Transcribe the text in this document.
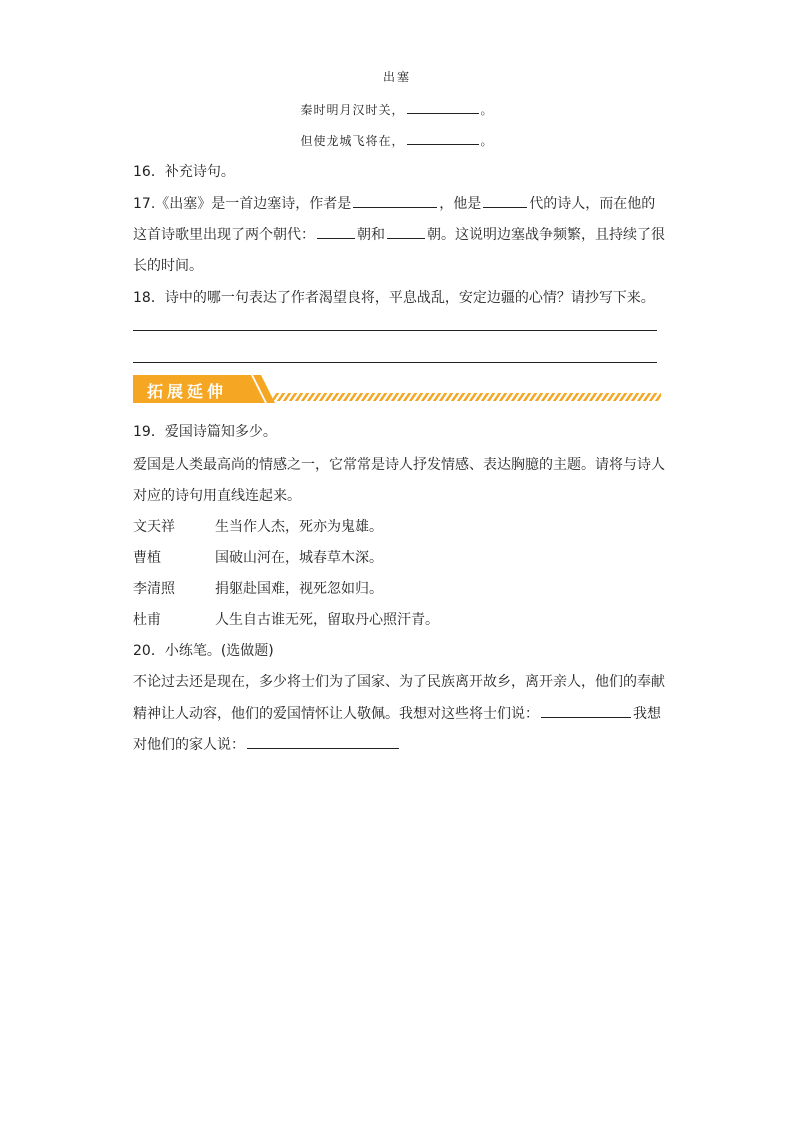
出塞
秦时明月汉时关，	。
但使龙城飞将在，	。
16．补充诗句。
17.《出塞》是一首边塞诗，作者是	，他是	代的诗人，而在他的
这首诗歌里出现了两个朝代：	朝和	朝。这说明边塞战争频繁，且持续了很
长的时间。
18．诗中的哪一句表达了作者渴望良将，平息战乱，安定边疆的心情？请抄写下来。
拓展延伸
19．爱国诗篇知多少。
爱国是人类最高尚的情感之一，它常常是诗人抒发情感、表达胸臆的主题。请将与诗人
对应的诗句用直线连起来。
文天祥	生当作人杰，死亦为鬼雄。
曹植	国破山河在，城春草木深。
李清照	捐躯赴国难，视死忽如归。
杜甫	人生自古谁无死，留取丹心照汗青。
20．小练笔。(选做题)
不论过去还是现在，多少将士们为了国家、为了民族离开故乡，离开亲人，他们的奉献
精神让人动容，他们的爱国情怀让人敬佩。我想对这些将士们说：	我想
对他们的家人说：
